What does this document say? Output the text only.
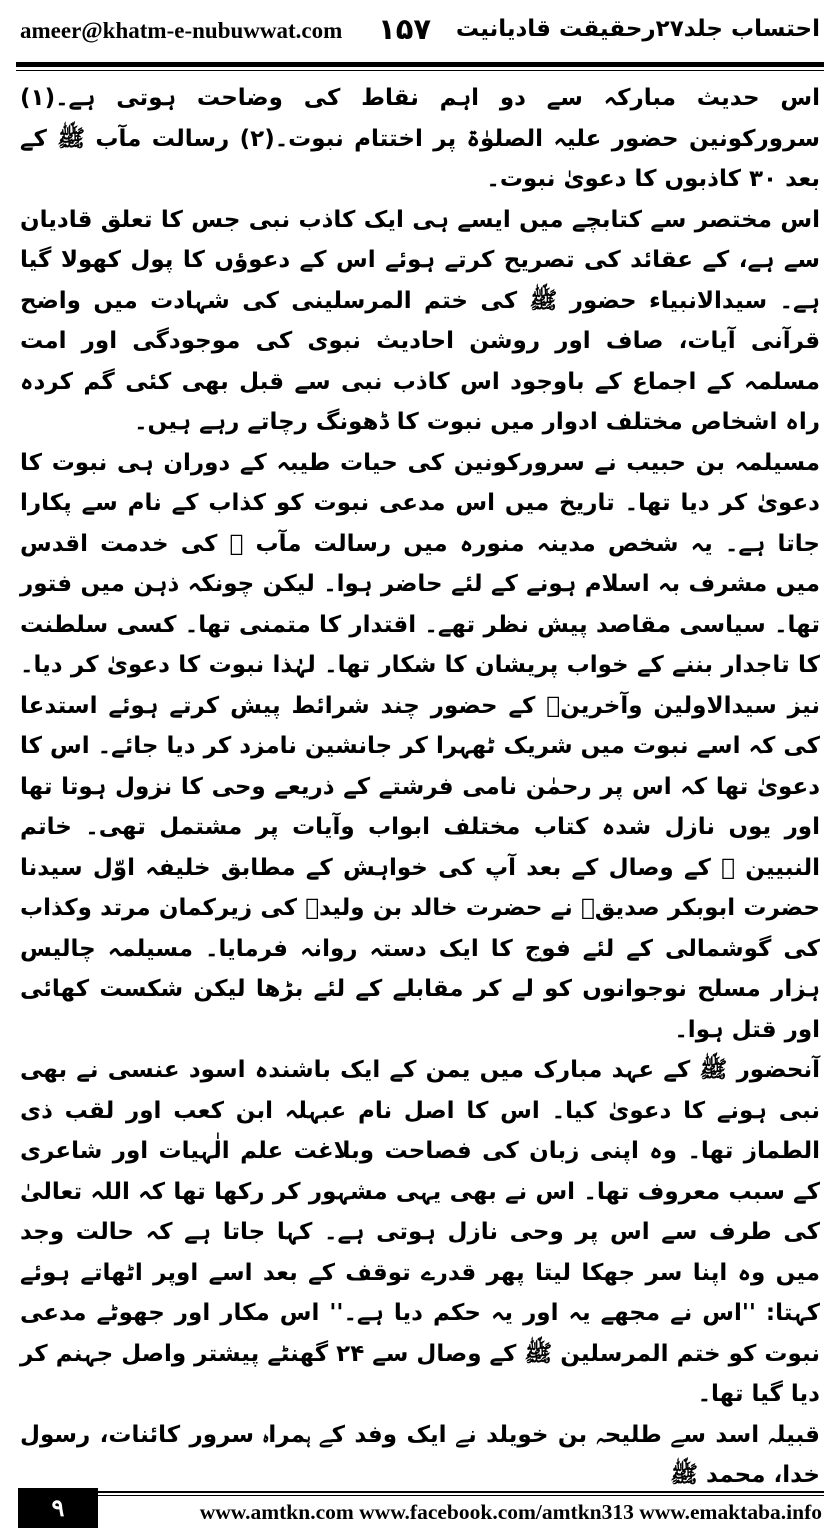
ameer@khatm-e-nubuwwat.com ۱۵۷ احتساب جلد۲۷رحقیقت قادیانیت

اس حدیث مبارکہ سے دو اہم نقاط کی وضاحت ہوتی ہے۔(۱) سرورکونین حضور علیہ الصلوٰۃ پر اختتام نبوت۔(۲) رسالت مآب ﷺ کے بعد ۳۰ کاذبوں کا دعویٰ نبوت۔

اس مختصر سے کتابچے میں ایسے ہی ایک کاذب نبی جس کا تعلق قادیان سے ہے، کے عقائد کی تصریح کرتے ہوئے اس کے دعوؤں کا پول کھولا گیا ہے۔ سیدالانبیاء حضور ﷺ کی ختم المرسلینی کی شہادت میں واضح قرآنی آیات، صاف اور روشن احادیث نبوی کی موجودگی اور امت مسلمہ کے اجماع کے باوجود اس کاذب نبی سے قبل بھی کئی گم کردہ راہ اشخاص مختلف ادوار میں نبوت کا ڈھونگ رچاتے رہے ہیں۔

مسیلمہ بن حبیب نے سرورکونین کی حیات طیبہ کے دوران ہی نبوت کا دعویٰ کر دیا تھا۔ تاریخ میں اس مدعی نبوت کو کذاب کے نام سے پکارا جاتا ہے۔ یہ شخص مدینہ منورہ میں رسالت مآب ﷺ کی خدمت اقدس میں مشرف بہ اسلام ہونے کے لئے حاضر ہوا۔ لیکن چونکہ ذہن میں فتور تھا۔ سیاسی مقاصد پیش نظر تھے۔ اقتدار کا متمنی تھا۔ کسی سلطنت کا تاجدار بننے کے خواب پریشان کا شکار تھا۔ لہٰذا نبوت کا دعویٰ کر دیا۔ نیز سیدالاولین وآخرینؐ کے حضور چند شرائط پیش کرتے ہوئے استدعا کی کہ اسے نبوت میں شریک ٹھہرا کر جانشین نامزد کر دیا جائے۔ اس کا دعویٰ تھا کہ اس پر رحمٰن نامی فرشتے کے ذریعے وحی کا نزول ہوتا تھا اور یوں نازل شدہ کتاب مختلف ابواب وآیات پر مشتمل تھی۔ خاتم النبیین ﷺ کے وصال کے بعد آپ کی خواہش کے مطابق خلیفہ اوّل سیدنا حضرت ابوبکر صدیقؓ نے حضرت خالد بن ولیدؓ کی زیرکمان مرتد وکذاب کی گوشمالی کے لئے فوج کا ایک دستہ روانہ فرمایا۔ مسیلمہ چالیس ہزار مسلح نوجوانوں کو لے کر مقابلے کے لئے بڑھا لیکن شکست کھائی اور قتل ہوا۔

آنحضور ﷺ کے عہد مبارک میں یمن کے ایک باشندہ اسود عنسی نے بھی نبی ہونے کا دعویٰ کیا۔ اس کا اصل نام عبہلہ ابن کعب اور لقب ذی الطماز تھا۔ وہ اپنی زبان کی فصاحت وبلاغت علم الٰہیات اور شاعری کے سبب معروف تھا۔ اس نے بھی یہی مشہور کر رکھا تھا کہ اللہ تعالیٰ کی طرف سے اس پر وحی نازل ہوتی ہے۔ کہا جاتا ہے کہ حالت وجد میں وہ اپنا سر جھکا لیتا پھر قدرے توقف کے بعد اسے اوپر اٹھاتے ہوئے کہتا: ''اس نے مجھے یہ اور یہ حکم دیا ہے۔'' اس مکار اور جھوٹے مدعی نبوت کو ختم المرسلین ﷺ کے وصال سے ۲۴ گھنٹے پیشتر واصل جہنم کر دیا گیا تھا۔

قبیلہ اسد سے طلیحہ بن خویلد نے ایک وفد کے ہمراہ سرور کائنات، رسول خدا، محمد ﷺ

۹	www.amtkn.com www.facebook.com/amtkn313 www.emaktaba.info
